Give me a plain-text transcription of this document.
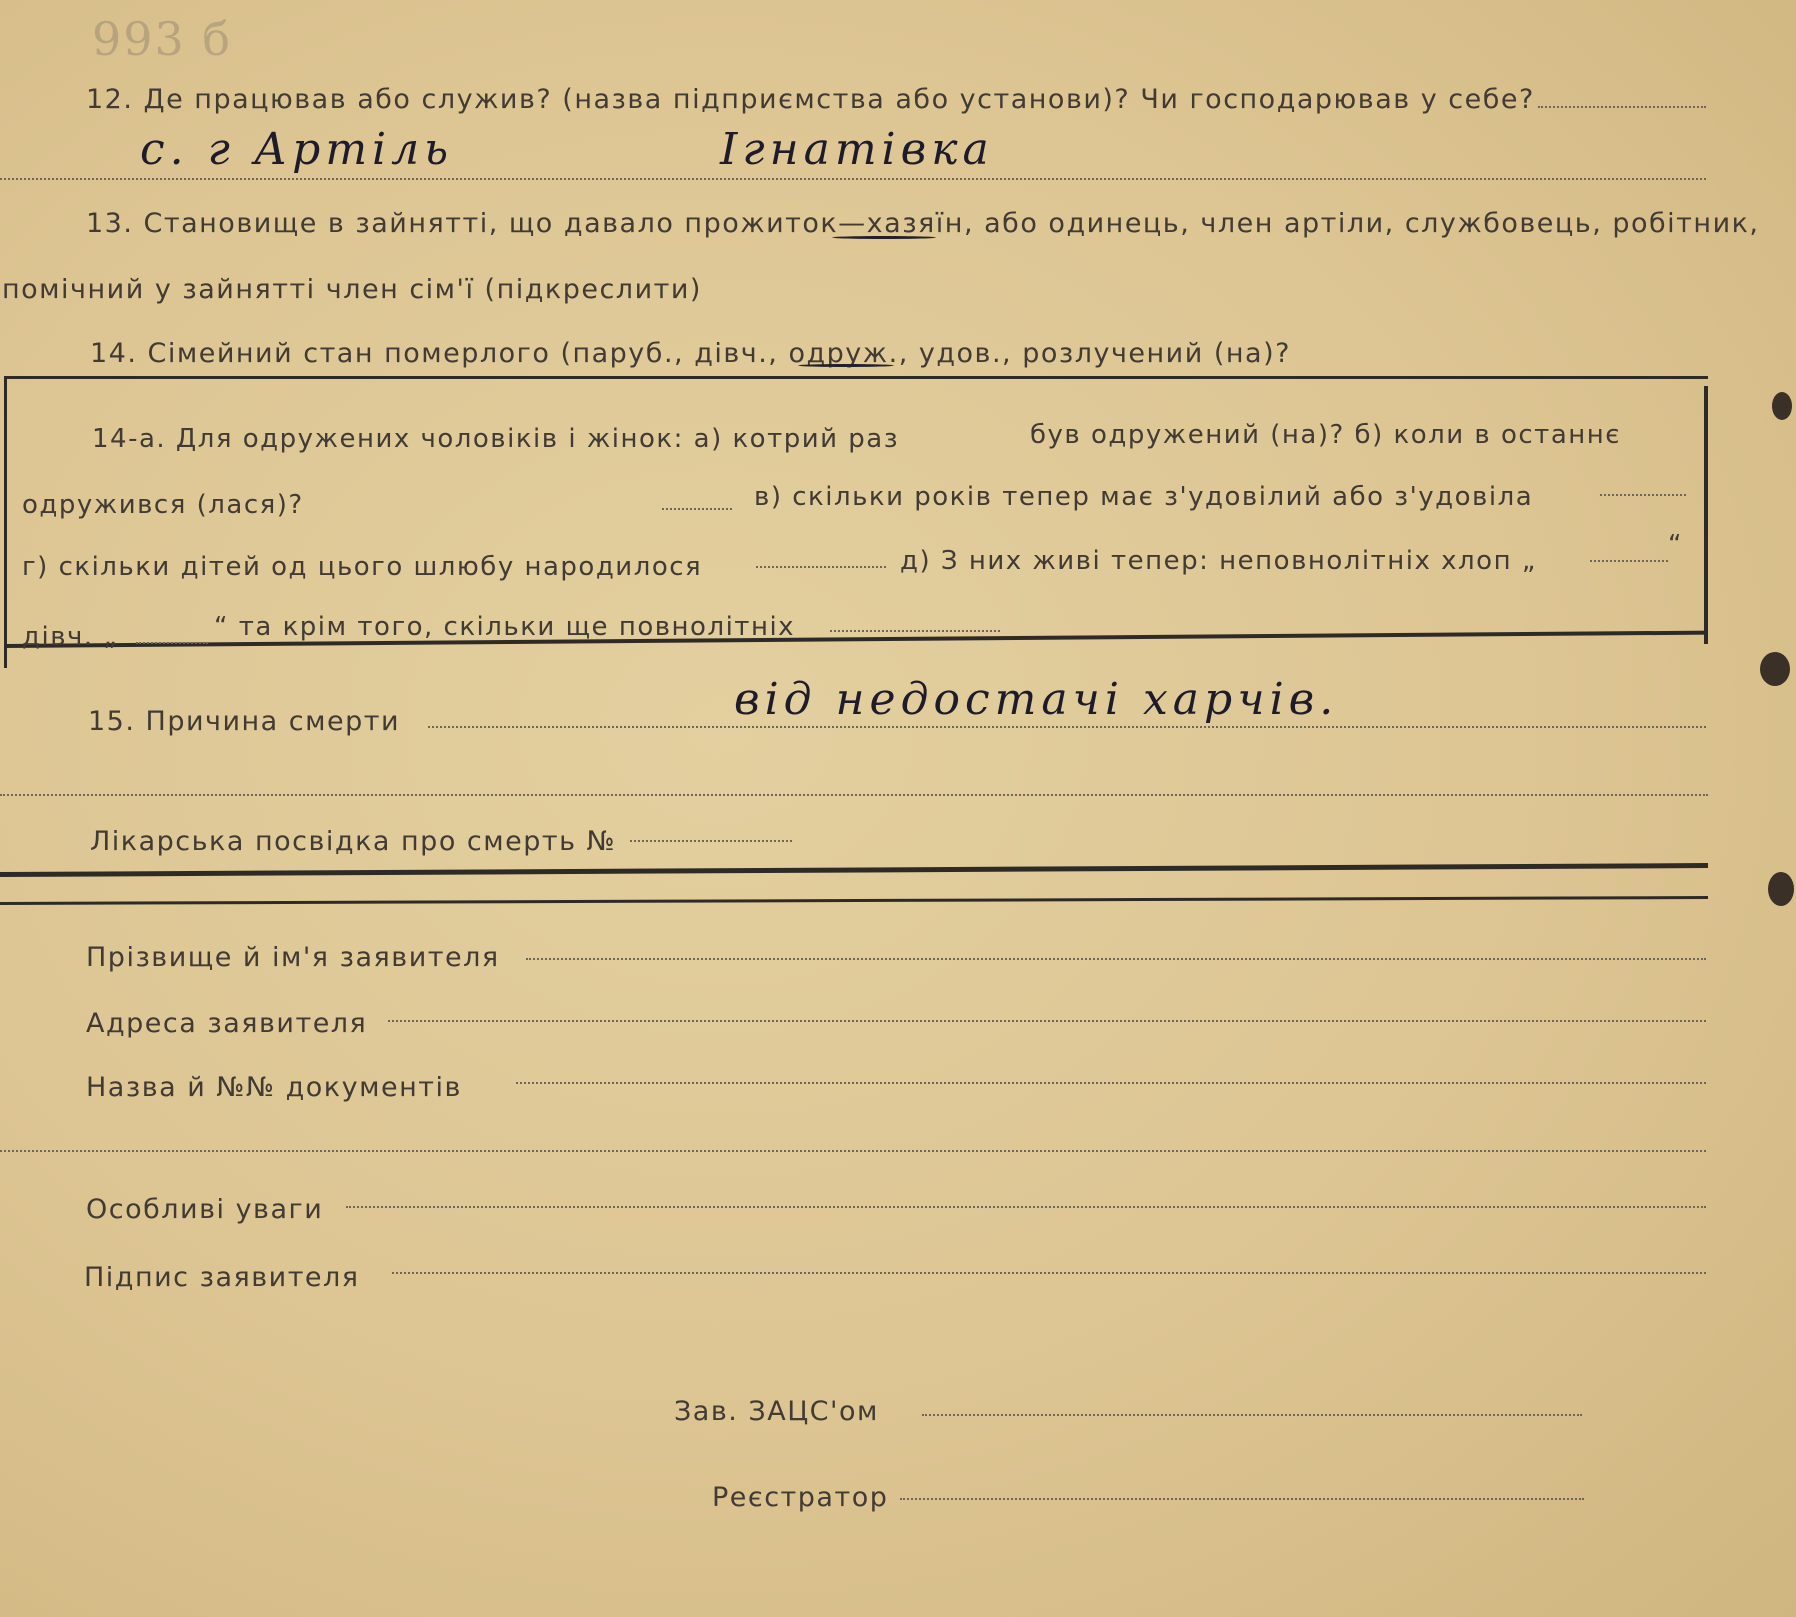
993 б
12. Де працював або служив? (назва підприємства або установи)? Чи господарював у себе?
с. г Артіль	Ігнатівка
13. Становище в зайнятті, що давало прожиток—хазяїн, або одинець, член артіли, службовець, робітник,
помічний у зайнятті член сім'ї (підкреслити)
14. Сімейний стан померлого (паруб., дівч., одруж., удов., розлучений (на)?
14-а. Для одружених чоловіків і жінок: а) котрий раз	був одружений (на)? б) коли в останнє
одружився (лася)?	в) скільки років тепер має з'удовілий або з'удовіла
г) скільки дітей од цього шлюбу народилося	д) З них живі тепер: неповнолітніх хлоп „
“
дівч. „	“ та крім того, скільки ще повнолітніх
15. Причина смерти	від недостачі харчів.
Лікарська посвідка про смерть №
Прізвище й ім'я заявителя
Адреса заявителя
Назва й №№ документів
Особливі уваги
Підпис заявителя
Зав. ЗАЦС'ом
Реєстратор
